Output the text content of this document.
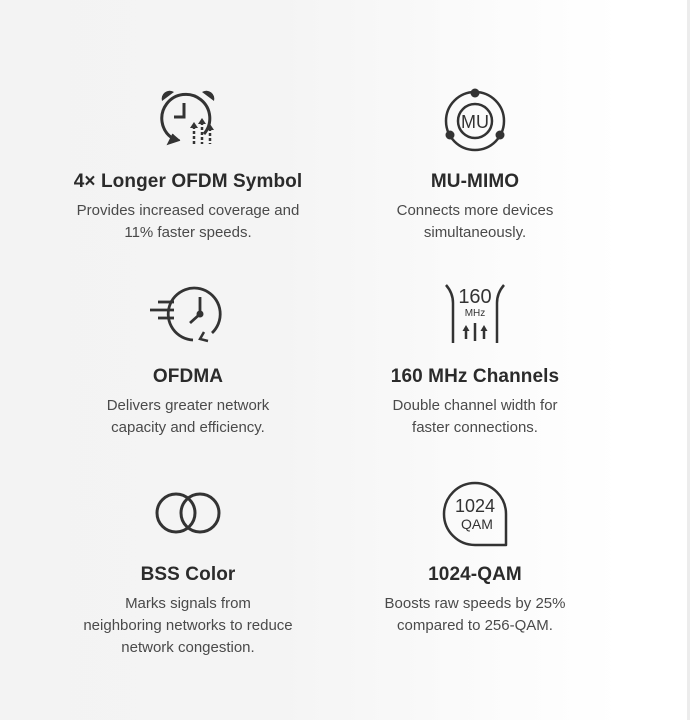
4× Longer OFDM Symbol
Provides increased coverage and
11% faster speeds.
MU
MU-MIMO
Connects more devices
simultaneously.
OFDMA
Delivers greater network
capacity and efficiency.
160
MHz
160 MHz Channels
Double channel width for
faster connections.
BSS Color
Marks signals from
neighboring networks to reduce
network congestion.
1024
QAM
1024-QAM
Boosts raw speeds by 25%
compared to 256-QAM.
